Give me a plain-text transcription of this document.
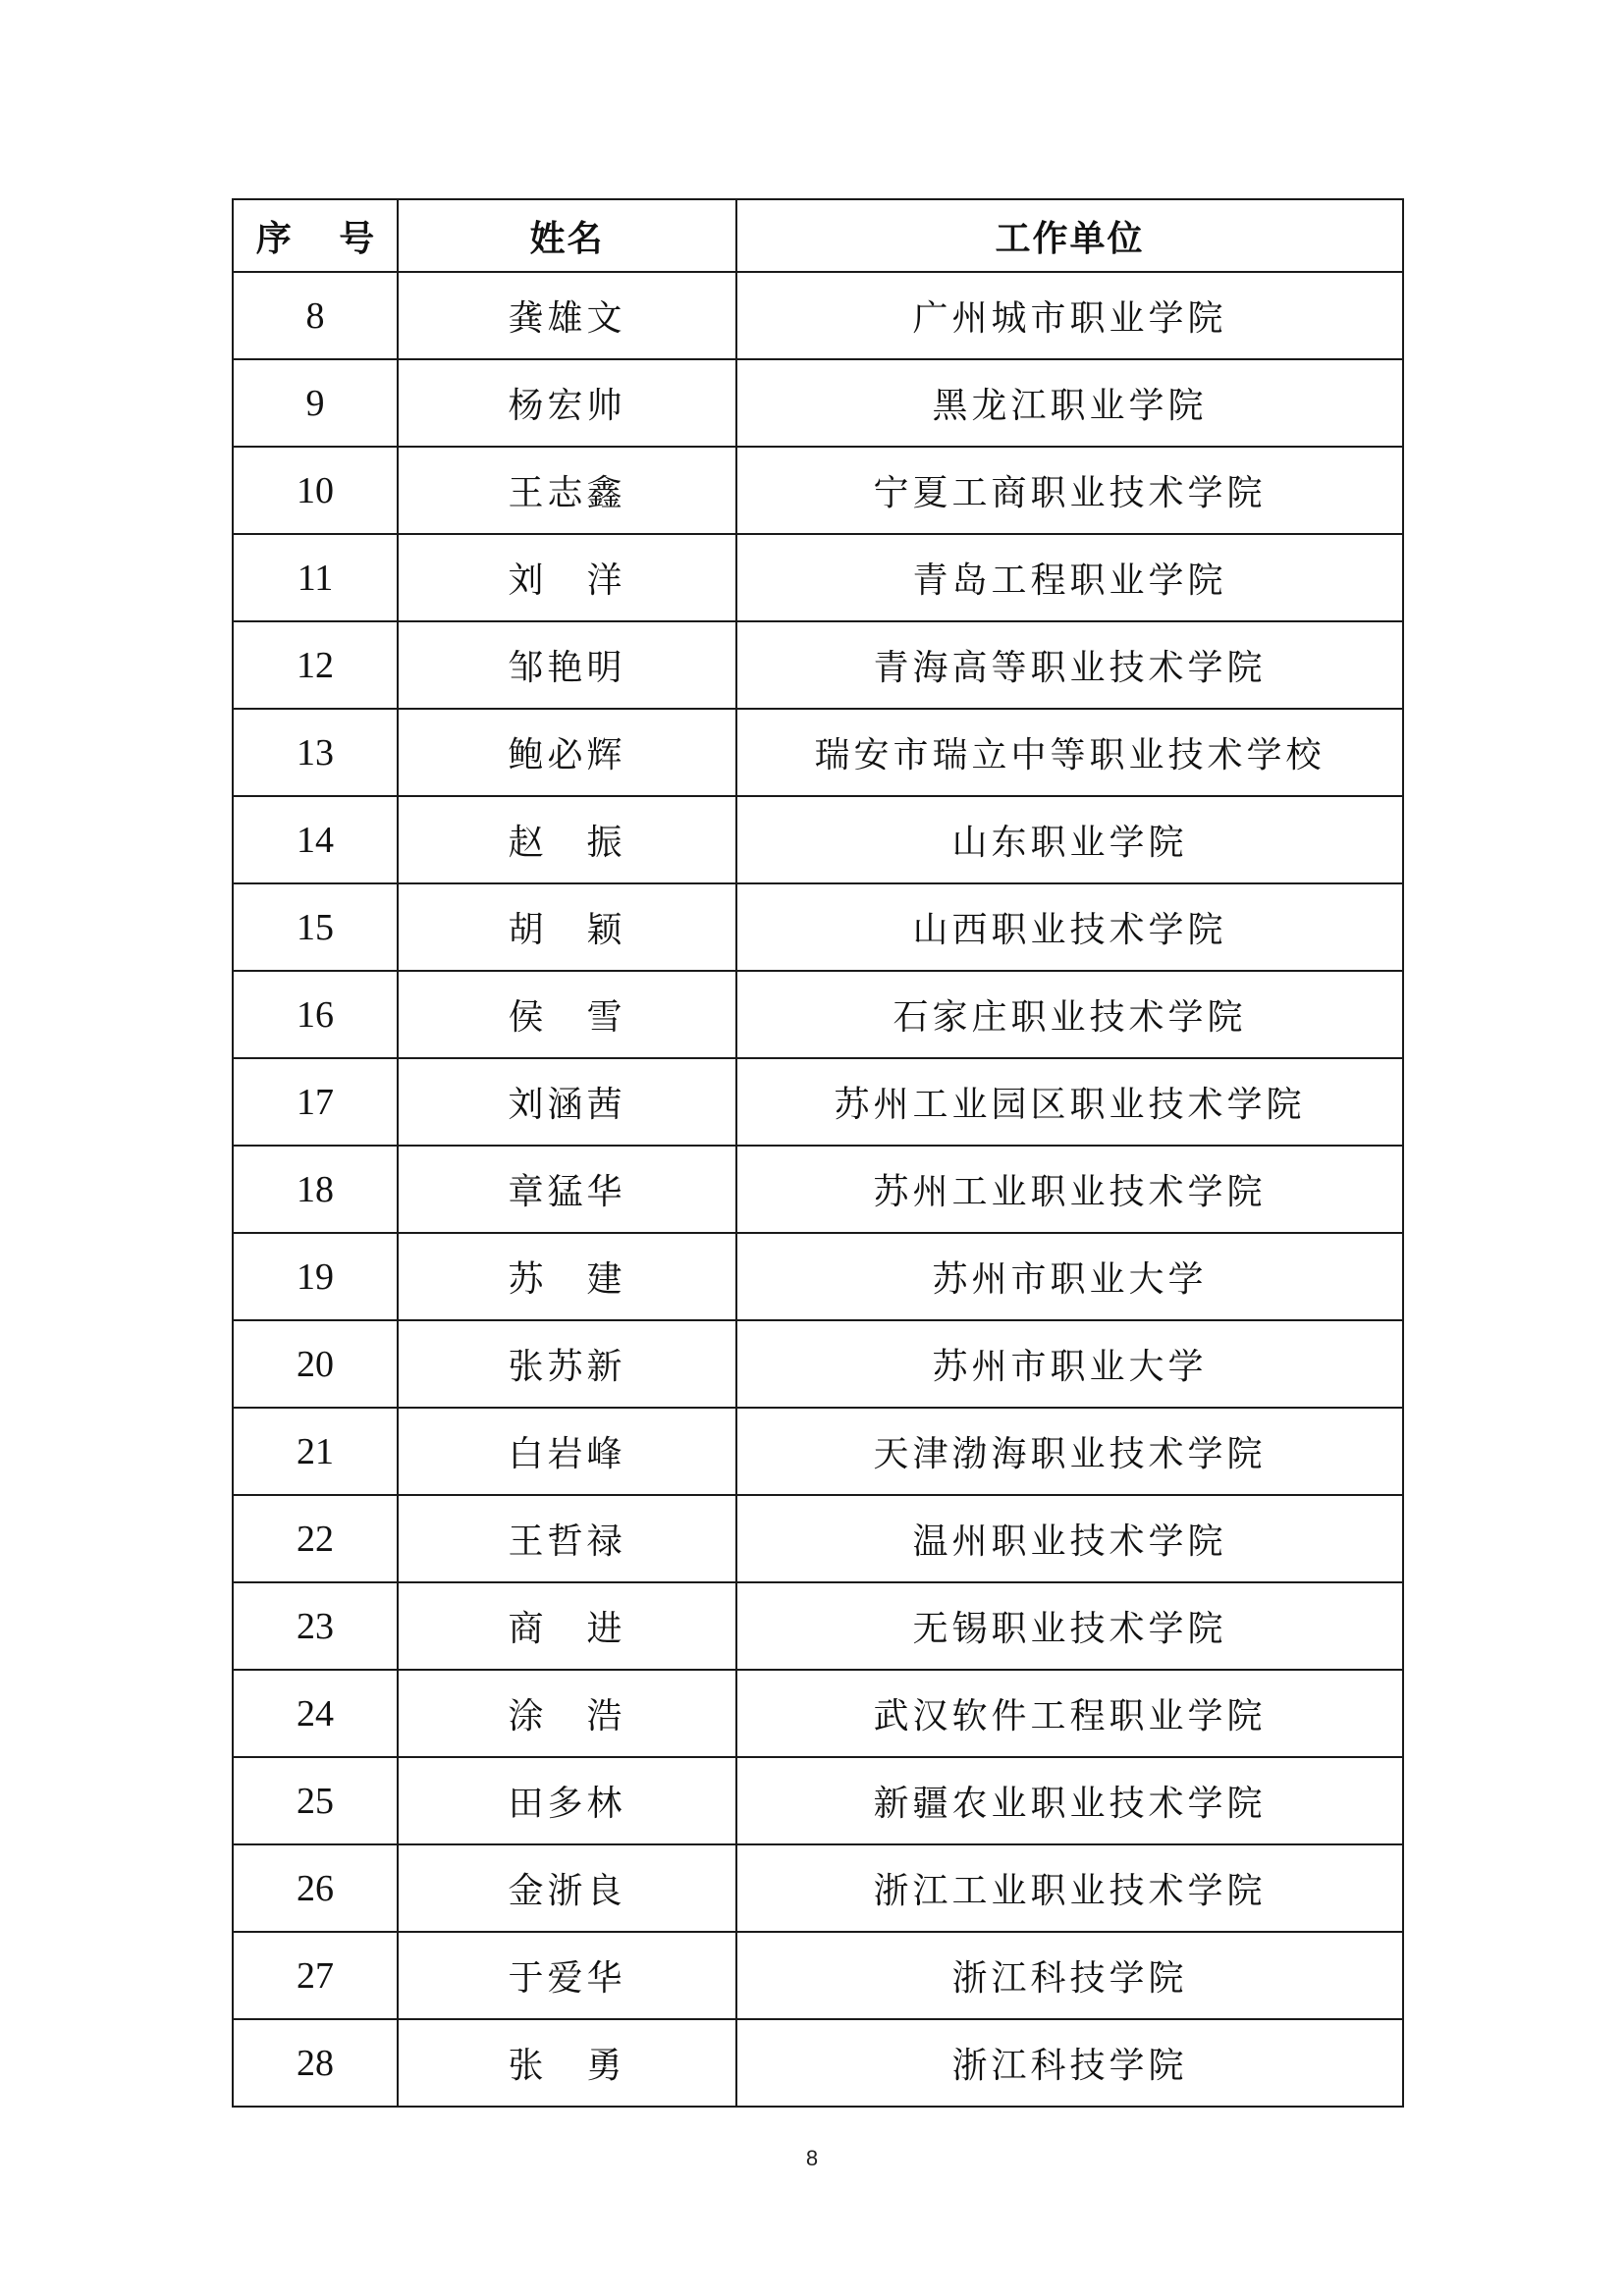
序 号	姓名	工作单位
8	龚雄文	广州城市职业学院
9	杨宏帅	黑龙江职业学院
10	王志鑫	宁夏工商职业技术学院
11	刘　洋	青岛工程职业学院
12	邹艳明	青海高等职业技术学院
13	鲍必辉	瑞安市瑞立中等职业技术学校
14	赵　振	山东职业学院
15	胡　颖	山西职业技术学院
16	侯　雪	石家庄职业技术学院
17	刘涵茜	苏州工业园区职业技术学院
18	章猛华	苏州工业职业技术学院
19	苏　建	苏州市职业大学
20	张苏新	苏州市职业大学
21	白岩峰	天津渤海职业技术学院
22	王哲禄	温州职业技术学院
23	商　进	无锡职业技术学院
24	涂　浩	武汉软件工程职业学院
25	田多林	新疆农业职业技术学院
26	金浙良	浙江工业职业技术学院
27	于爱华	浙江科技学院
28	张　勇	浙江科技学院
8
